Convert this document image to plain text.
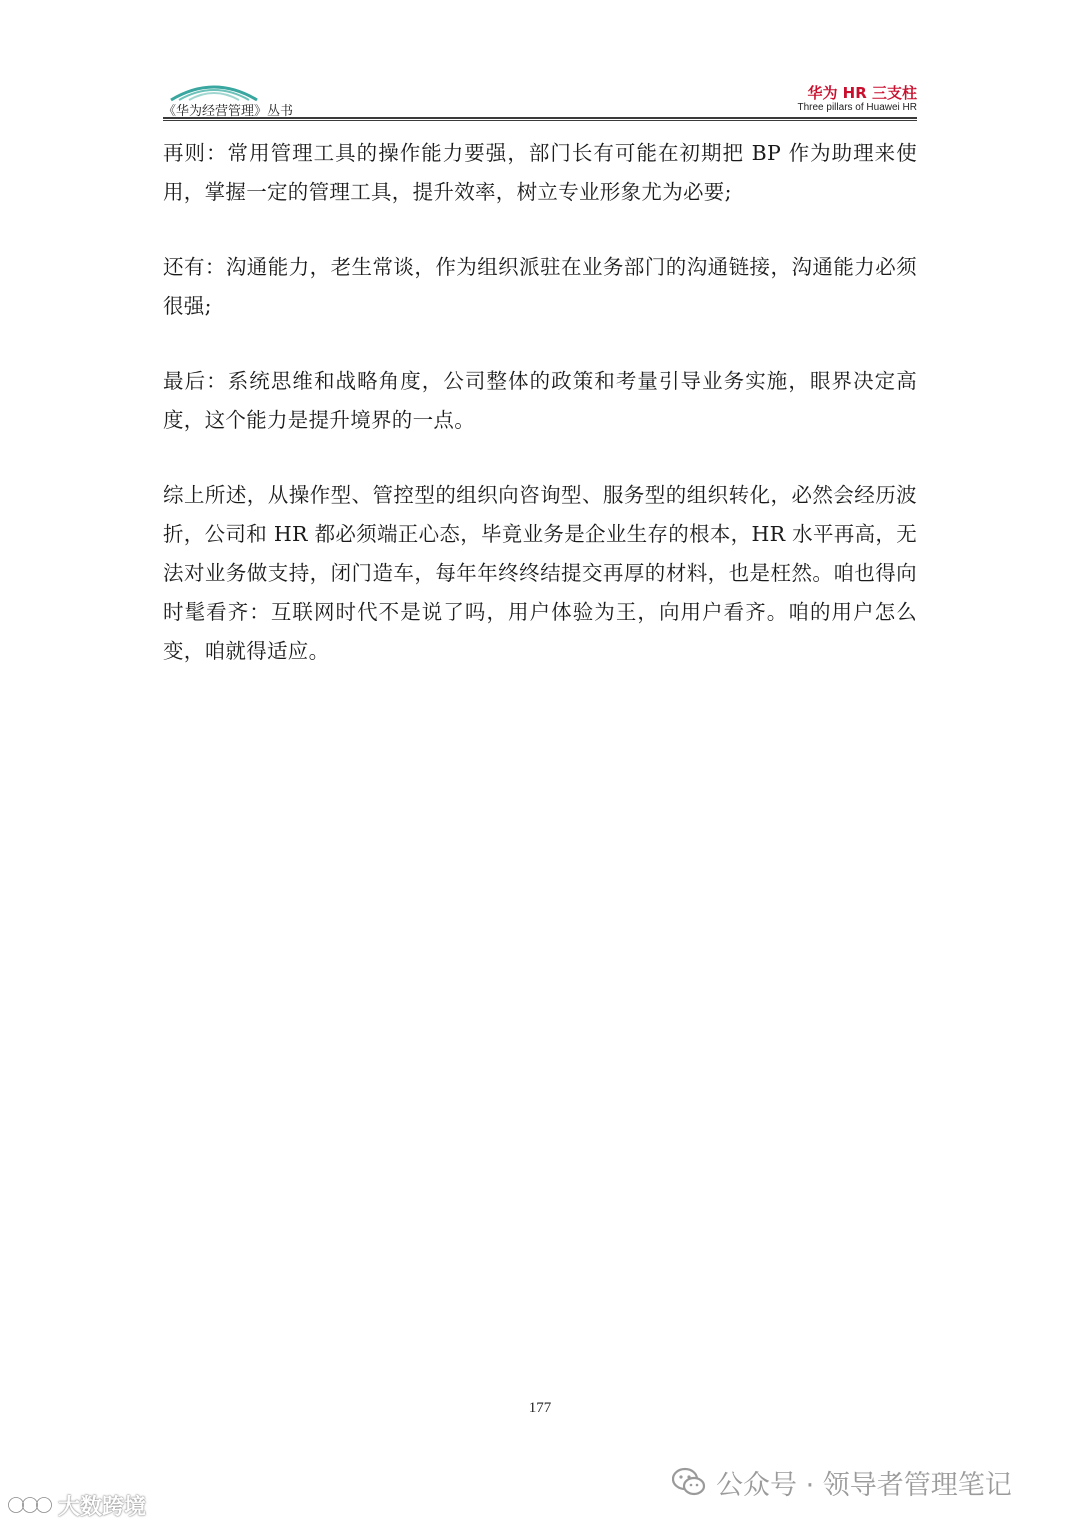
《华为经营管理》丛书
华为 HR 三支柱
Three pillars of Huawei HR

再则：常用管理工具的操作能力要强，部门长有可能在初期把 BP 作为助理来使用，掌握一定的管理工具，提升效率，树立专业形象尤为必要;

还有：沟通能力，老生常谈，作为组织派驻在业务部门的沟通链接，沟通能力必须很强;

最后：系统思维和战略角度，公司整体的政策和考量引导业务实施，眼界决定高度，这个能力是提升境界的一点。

综上所述，从操作型、管控型的组织向咨询型、服务型的组织转化，必然会经历波折，公司和 HR 都必须端正心态，毕竟业务是企业生存的根本，HR 水平再高，无法对业务做支持，闭门造车，每年年终终结提交再厚的材料，也是枉然。咱也得向时髦看齐：互联网时代不是说了吗，用户体验为王，向用户看齐。咱的用户怎么变，咱就得适应。

177
公众号 · 领导者管理笔记
大数跨境
